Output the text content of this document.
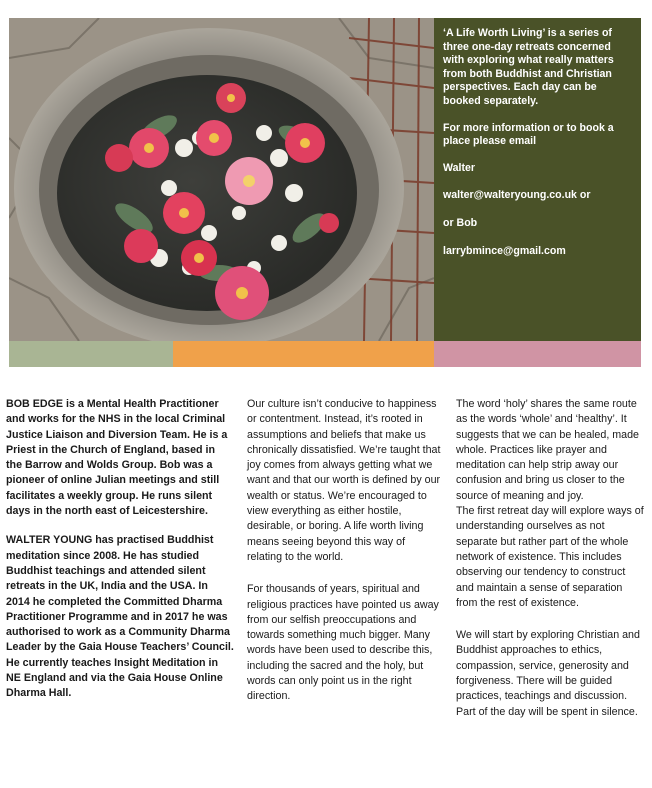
‘A Life Worth Living’ is a series of three one-day retreats concerned with exploring what really matters from both Buddhist and Christian perspectives. Each day can be booked separately.

For more information or to book a place please email

Walter

walter@walteryoung.co.uk or

or Bob

larrybmince@gmail.com

BOB EDGE is a Mental Health Practitioner and works for the NHS in the local Criminal Justice Liaison and Diversion Team. He is a Priest in the Church of England, based in the Barrow and Wolds Group. Bob was a pioneer of online Julian meetings and still facilitates a weekly group. He runs silent days in the north east of Leicestershire.

WALTER YOUNG has practised Buddhist meditation since 2008. He has studied Buddhist teachings and attended silent retreats in the UK, India and the USA. In 2014 he completed the Committed Dharma Practitioner Programme and in 2017 he was authorised to work as a Community Dharma Leader by the Gaia House Teachers’ Council. He currently teaches Insight Meditation in NE England and via the Gaia House Online Dharma Hall.

Our culture isn’t conducive to happiness or contentment. Instead, it’s rooted in assumptions and beliefs that make us chronically dissatisfied. We’re taught that joy comes from always getting what we want and that our worth is defined by our wealth or status. We’re encouraged to view everything as either hostile, desirable, or boring. A life worth living means seeing beyond this way of relating to the world.

For thousands of years, spiritual and religious practices have pointed us away from our selfish preoccupations and towards something much bigger. Many words have been used to describe this, including the sacred and the holy, but words can only point us in the right direction.

The word ‘holy’ shares the same route as the words ‘whole’ and ‘healthy’. It suggests that we can be healed, made whole. Practices like prayer and meditation can help strip away our confusion and bring us closer to the source of meaning and joy.

The first retreat day will explore ways of understanding ourselves as not separate but rather part of the whole network of existence. This includes observing our tendency to construct and maintain a sense of separation from the rest of existence.

We will start by exploring Christian and Buddhist approaches to ethics, compassion, service, generosity and forgiveness. There will be guided practices, teachings and discussion. Part of the day will be spent in silence.
